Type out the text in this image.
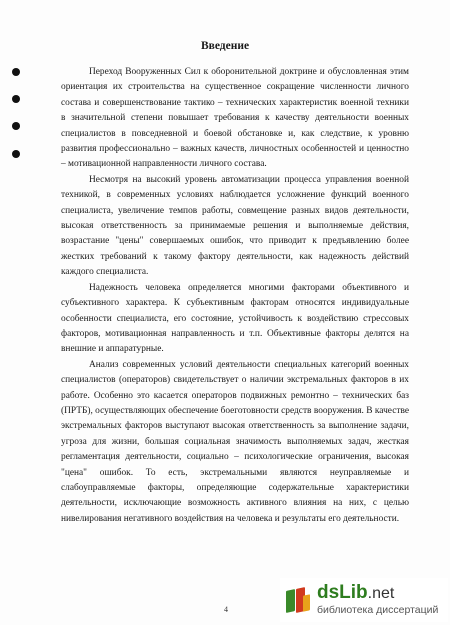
Введение

Переход Вооруженных Сил к оборонительной доктрине и обусловленная этим ориентация их строительства на существенное сокращение численности личного состава и совершенствование тактико – технических характеристик военной техники в значительной степени повышает требования к качеству деятельности военных специалистов в повседневной и боевой обстановке и, как следствие, к уровню развития профессионально – важных качеств, личностных особенностей и ценностно – мотивационной направленности личного состава.

Несмотря на высокий уровень автоматизации процесса управления военной техникой, в современных условиях наблюдается усложнение функций военного специалиста, увеличение темпов работы, совмещение разных видов деятельности, высокая ответственность за принимаемые решения и выполняемые действия, возрастание "цены" совершаемых ошибок, что приводит к предъявлению более жестких требований к такому фактору деятельности, как надежность действий каждого специалиста.

Надежность человека определяется многими факторами объективного и субъективного характера. К субъективным факторам относятся индивидуальные особенности специалиста, его состояние, устойчивость к воздействию стрессовых факторов, мотивационная направленность и т.п. Объективные факторы делятся на внешние и аппаратурные.

Анализ современных условий деятельности специальных категорий военных специалистов (операторов) свидетельствует о наличии экстремальных факторов в их работе. Особенно это касается операторов подвижных ремонтно – технических баз (ПРТБ), осуществляющих обеспечение боеготовности средств вооружения. В качестве экстремальных факторов выступают высокая ответственность за выполнение задачи, угроза для жизни, большая социальная значимость выполняемых задач, жесткая регламентация деятельности, социально – психологические ограничения, высокая "цена" ошибок. То есть, экстремальными являются неуправляемые и слабоуправляемые факторы, определяющие содержательные характеристики деятельности, исключающие возможность активного влияния на них, с целью нивелирования негативного воздействия на человека и результаты его деятельности.

4
dsLib.net
библиотека диссертаций
